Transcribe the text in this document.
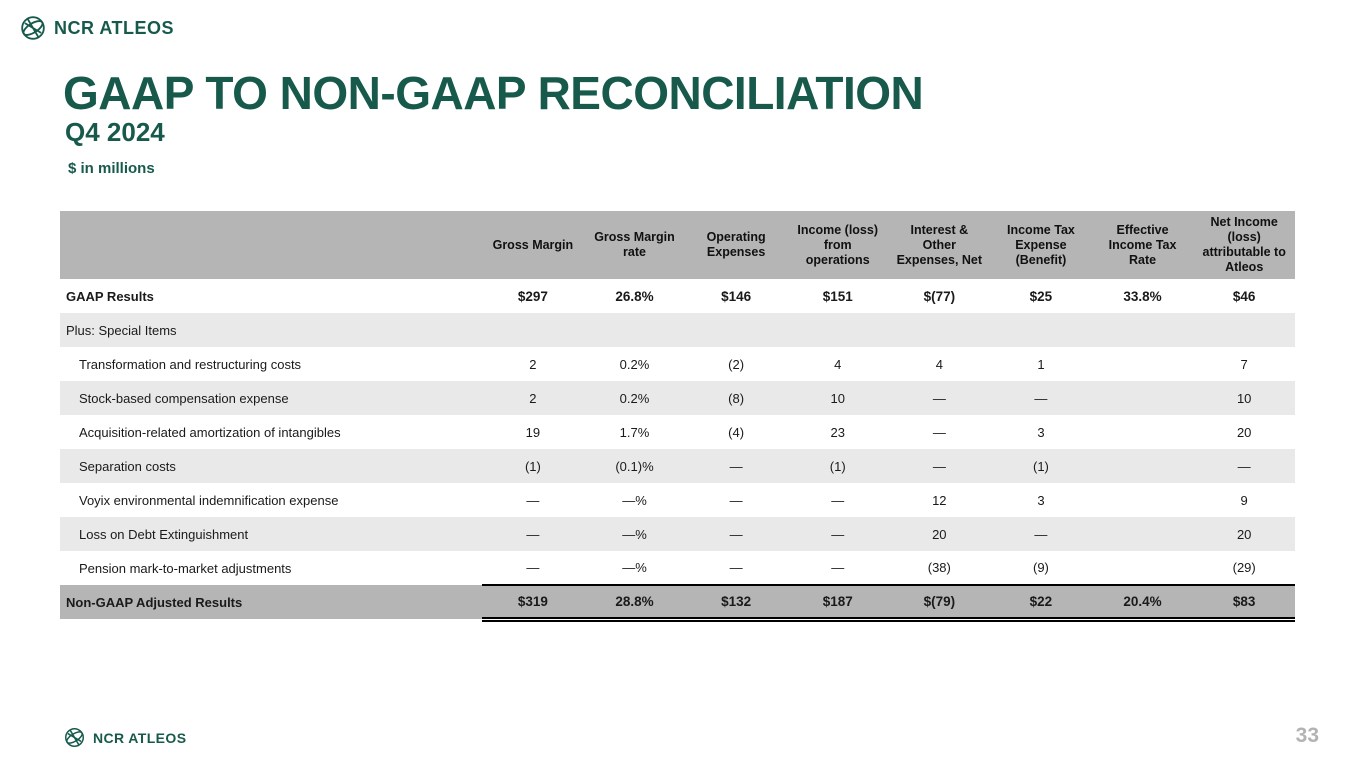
NCR ATLEOS
GAAP TO NON-GAAP RECONCILIATION
Q4 2024
$ in millions
	Gross Margin	Gross Margin rate	Operating Expenses	Income (loss) from operations	Interest & Other Expenses, Net	Income Tax Expense (Benefit)	Effective Income Tax Rate	Net Income (loss) attributable to Atleos
GAAP Results	$297	26.8%	$146	$151	$(77)	$25	33.8%	$46
Plus: Special Items								
Transformation and restructuring costs	2	0.2%	(2)	4	4	1		7
Stock-based compensation expense	2	0.2%	(8)	10	—	—		10
Acquisition-related amortization of intangibles	19	1.7%	(4)	23	—	3		20
Separation costs	(1)	(0.1)%	—	(1)	—	(1)		—
Voyix environmental indemnification expense	—	—%	—	—	12	3		9
Loss on Debt Extinguishment	—	—%	—	—	20	—		20
Pension mark-to-market adjustments	—	—%	—	—	(38)	(9)		(29)
Non-GAAP Adjusted Results	$319	28.8%	$132	$187	$(79)	$22	20.4%	$83
NCR ATLEOS	33
